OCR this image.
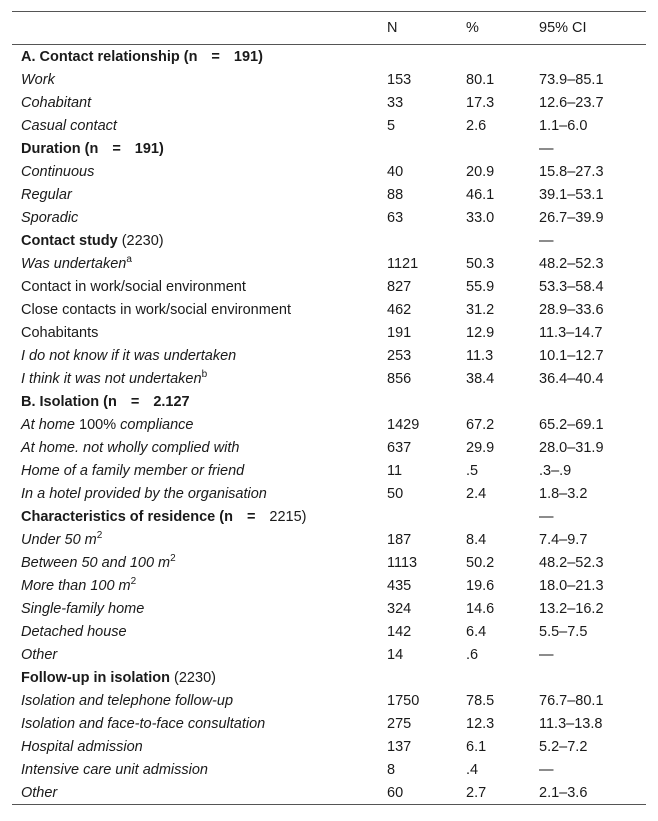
	N	%	95% CI
A. Contact relationship (n = 191)			
Work	153	80.1	73.9–85.1
Cohabitant	33	17.3	12.6–23.7
Casual contact	5	2.6	1.1–6.0
Duration (n = 191)			—
Continuous	40	20.9	15.8–27.3
Regular	88	46.1	39.1–53.1
Sporadic	63	33.0	26.7–39.9
Contact study (2230)			—
Was undertaken$^a$	1121	50.3	48.2–52.3
Contact in work/social environment	827	55.9	53.3–58.4
Close contacts in work/social environment	462	31.2	28.9–33.6
Cohabitants	191	12.9	11.3–14.7
I do not know if it was undertaken	253	11.3	10.1–12.7
I think it was not undertaken$^b$	856	38.4	36.4–40.4
B. Isolation (n = 2.127			
At home 100% compliance	1429	67.2	65.2–69.1
At home. not wholly complied with	637	29.9	28.0–31.9
Home of a family member or friend	11	.5	.3–.9
In a hotel provided by the organisation	50	2.4	1.8–3.2
Characteristics of residence (n = 2215)			—
Under 50 $m^2$	187	8.4	7.4–9.7
Between 50 and 100 $m^2$	1113	50.2	48.2–52.3
More than 100 $m^2$	435	19.6	18.0–21.3
Single-family home	324	14.6	13.2–16.2
Detached house	142	6.4	5.5–7.5
Other	14	.6	—
Follow-up in isolation (2230)			
Isolation and telephone follow-up	1750	78.5	76.7–80.1
Isolation and face-to-face consultation	275	12.3	11.3–13.8
Hospital admission	137	6.1	5.2–7.2
Intensive care unit admission	8	.4	—
Other	60	2.7	2.1–3.6
